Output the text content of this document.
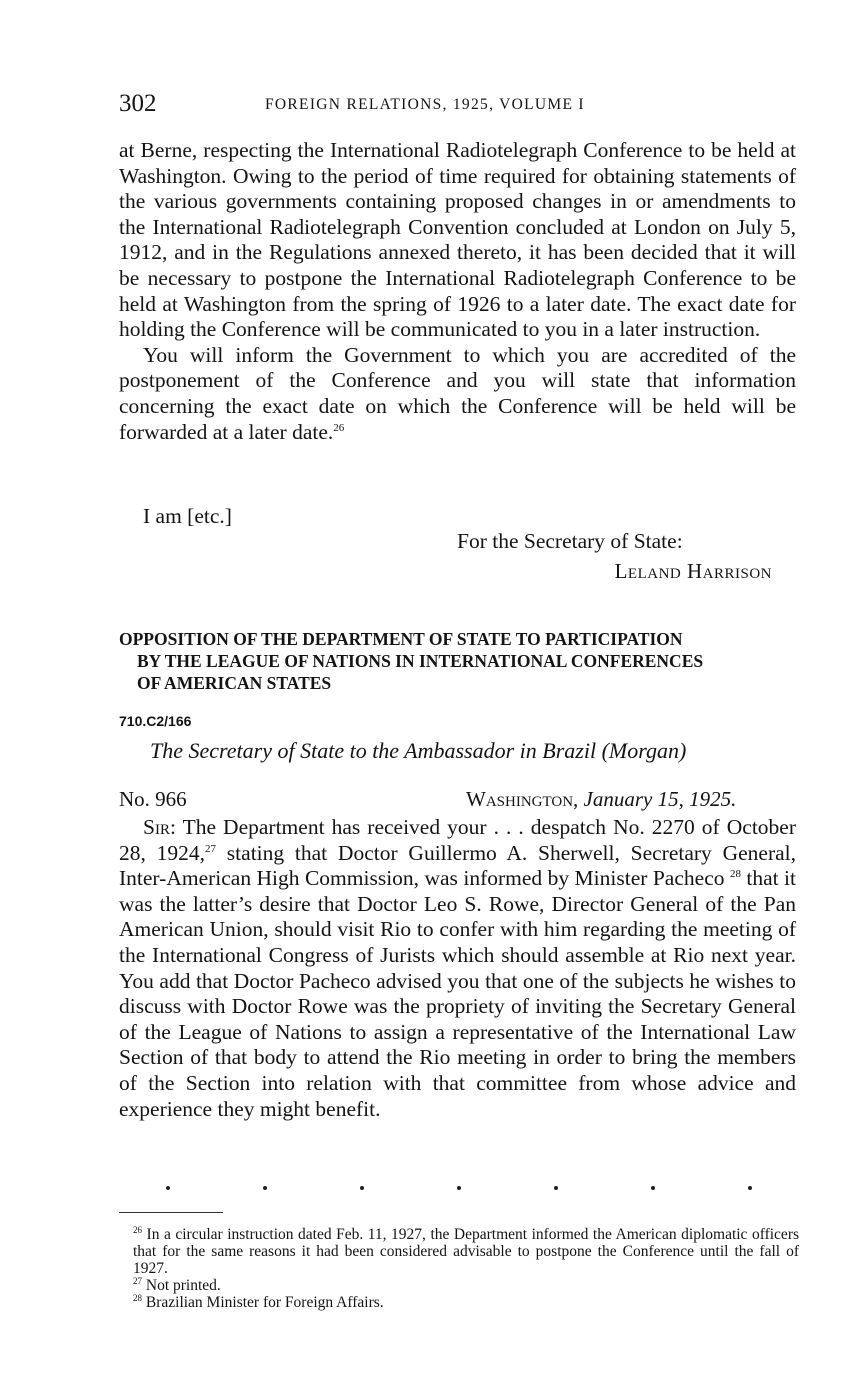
302	FOREIGN RELATIONS, 1925, VOLUME I

at Berne, respecting the International Radiotelegraph Conference to be held at Washington. Owing to the period of time required for obtaining statements of the various governments containing proposed changes in or amendments to the International Radiotelegraph Convention concluded at London on July 5, 1912, and in the Regulations annexed thereto, it has been decided that it will be necessary to postpone the International Radiotelegraph Conference to be held at Washington from the spring of 1926 to a later date. The exact date for holding the Conference will be communicated to you in a later instruction.

You will inform the Government to which you are accredited of the postponement of the Conference and you will state that information concerning the exact date on which the Conference will be held will be forwarded at a later date.$^{26}$

I am [etc.]
For the Secretary of State:
Leland Harrison
OPPOSITION OF THE DEPARTMENT OF STATE TO PARTICIPATION
BY THE LEAGUE OF NATIONS IN INTERNATIONAL CONFERENCES
OF AMERICAN STATES
710.C2/166
The Secretary of State to the Ambassador in Brazil (Morgan)
No. 966	Washington, January 15, 1925.

Sir: The Department has received your . . . despatch No. 2270 of October 28, 1924,27 stating that Doctor Guillermo A. Sherwell, Secretary General, Inter-American High Commission, was informed by Minister Pacheco $^{28}$ that it was the latter’s desire that Doctor Leo S. Rowe, Director General of the Pan American Union, should visit Rio to confer with him regarding the meeting of the International Congress of Jurists which should assemble at Rio next year. You add that Doctor Pacheco advised you that one of the subjects he wishes to discuss with Doctor Rowe was the propriety of inviting the Secretary General of the League of Nations to assign a representative of the International Law Section of that body to attend the Rio meeting in order to bring the members of the Section into relation with that committee from whose advice and experience they might benefit.

$^{26}$ In a circular instruction dated Feb. 11, 1927, the Department informed the American diplomatic officers that for the same reasons it had been considered advisable to postpone the Conference until the fall of 1927.

$^{27}$ Not printed.

$^{28}$ Brazilian Minister for Foreign Affairs.
